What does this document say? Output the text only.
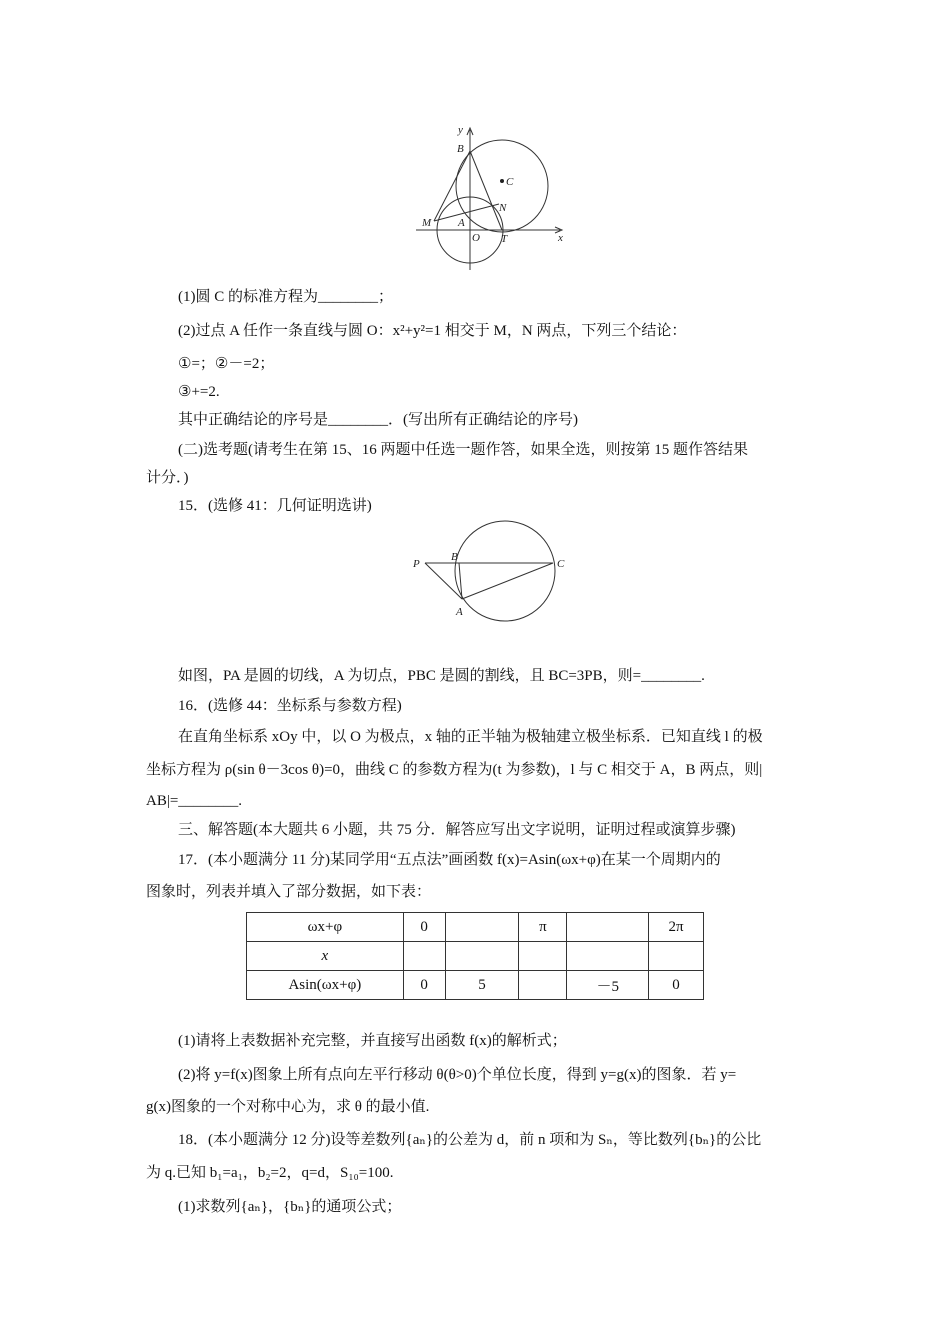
y
B
C
N
M A
O T	x
(1)圆 C 的标准方程为________；
(2)过点 A 任作一条直线与圆 O：x²+y²=1 相交于 M，N 两点，下列三个结论：
①=；②－=2；
③+=2.
其中正确结论的序号是________．(写出所有正确结论的序号)
(二)选考题(请考生在第 15、16 两题中任选一题作答，如果全选，则按第 15 题作答结果
计分．)
15．(选修 41：几何证明选讲)
P
B
C
A
如图，PA 是圆的切线，A 为切点，PBC 是圆的割线，且 BC=3PB，则=________.
16．(选修 44：坐标系与参数方程)
在直角坐标系 xOy 中，以 O 为极点，x 轴的正半轴为极轴建立极坐标系．已知直线 l 的极
坐标方程为 ρ(sin θ－3cos θ)=0，曲线 C 的参数方程为(t 为参数)，l 与 C 相交于 A，B 两点，则|
AB|=________.
三、解答题(本大题共 6 小题，共 75 分．解答应写出文字说明，证明过程或演算步骤)
17．(本小题满分 11 分)某同学用“五点法”画函数 f(x)=Asin(ωx+φ)在某一个周期内的
图象时，列表并填入了部分数据，如下表：
ωx+φ	0		π		2π
x					
Asin(ωx+φ)	0	5		－5	0
(1)请将上表数据补充完整，并直接写出函数 f(x)的解析式；
(2)将 y=f(x)图象上所有点向左平行移动 θ(θ>0)个单位长度，得到 y=g(x)的图象．若 y=
g(x)图象的一个对称中心为，求 θ 的最小值.
18．(本小题满分 12 分)设等差数列{aₙ}的公差为 d，前 n 项和为 Sₙ，等比数列{bₙ}的公比
为 q.已知 b₁=a₁，b₂=2，q=d，S₁₀=100.
(1)求数列{aₙ}，{bₙ}的通项公式；
